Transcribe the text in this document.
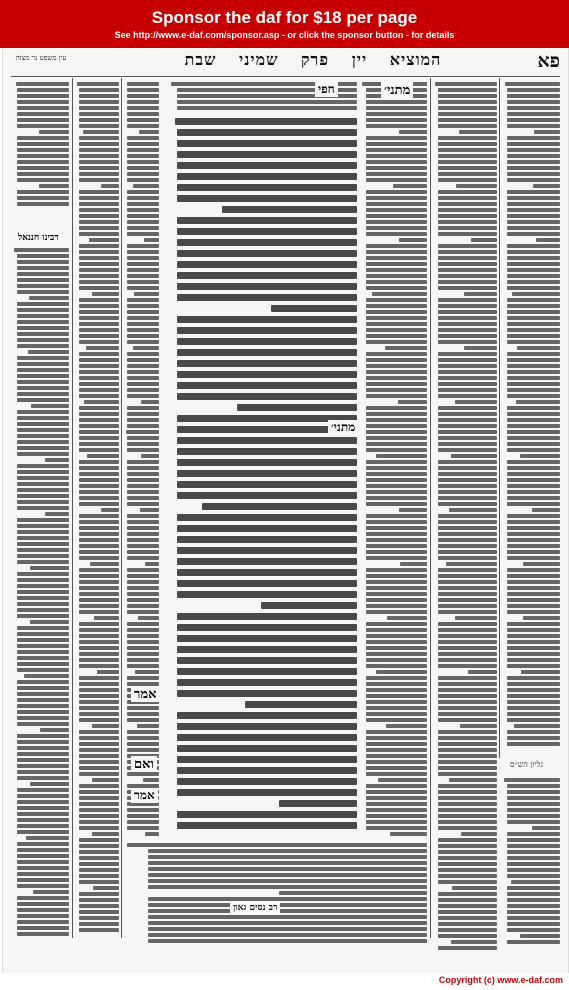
Sponsor the daf for $18 per page
See http://www.e-daf.com/sponsor.asp - or click the sponsor button - for details
עין משפט נר מצוה	המוציא יין פרק שמיני שבת	פא
מתני׳
מתני׳
חפי
רבינו חננאל
אמר
ואם
אמר
גליון הש״ס
רב נסים גאון
Copyright (c) www.e-daf.com
